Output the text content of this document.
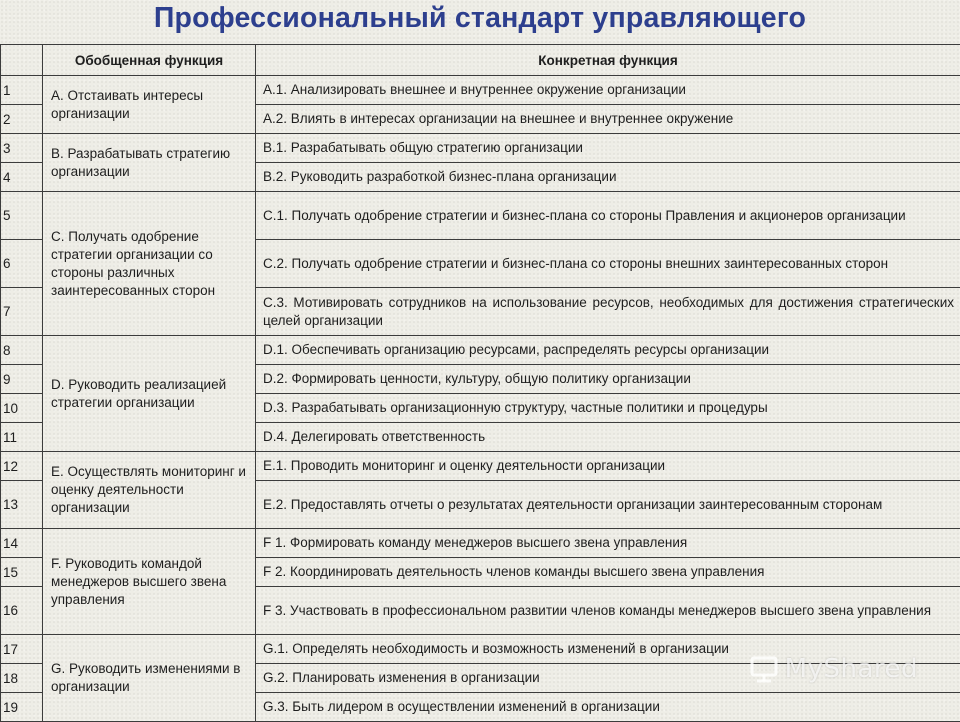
Профессиональный стандарт управляющего
	Обобщенная функция	Конкретная функция
1	А. Отстаивать интересы организации	А.1. Анализировать внешнее и внутреннее окружение организации
2		А.2. Влиять в интересах организации на внешнее и внутреннее окружение
3	В. Разрабатывать стратегию организации	В.1. Разрабатывать общую стратегию организации
4		В.2. Руководить разработкой бизнес-плана организации
5	С. Получать одобрение стратегии организации со стороны различных заинтересованных сторон	С.1. Получать одобрение стратегии и бизнес-плана со стороны Правления и акционеров организации
6		С.2. Получать одобрение стратегии и бизнес-плана со стороны внешних заинтересованных сторон
7		С.3. Мотивировать сотрудников на использование ресурсов, необходимых для достижения стратегических целей организации
8	D. Руководить реализацией стратегии организации	D.1. Обеспечивать организацию ресурсами, распределять ресурсы организации
9		D.2. Формировать ценности, культуру, общую политику организации
10		D.3. Разрабатывать организационную структуру, частные политики и процедуры
11		D.4. Делегировать ответственность
12	Е. Осуществлять мониторинг и оценку деятельности организации	Е.1. Проводить мониторинг и оценку деятельности организации
13		Е.2. Предоставлять отчеты о результатах деятельности организации заинтересованным сторонам
14	F. Руководить командой менеджеров высшего звена управления	F 1. Формировать команду менеджеров высшего звена управления
15		F 2. Координировать деятельность членов команды высшего звена управления
16		F 3. Участвовать в профессиональном развитии членов команды менеджеров высшего звена управления
17	G. Руководить изменениями в организации	G.1. Определять необходимость и возможность изменений в организации
18		G.2. Планировать изменения в организации
19		G.3. Быть лидером в осуществлении изменений в организации
MyShared
